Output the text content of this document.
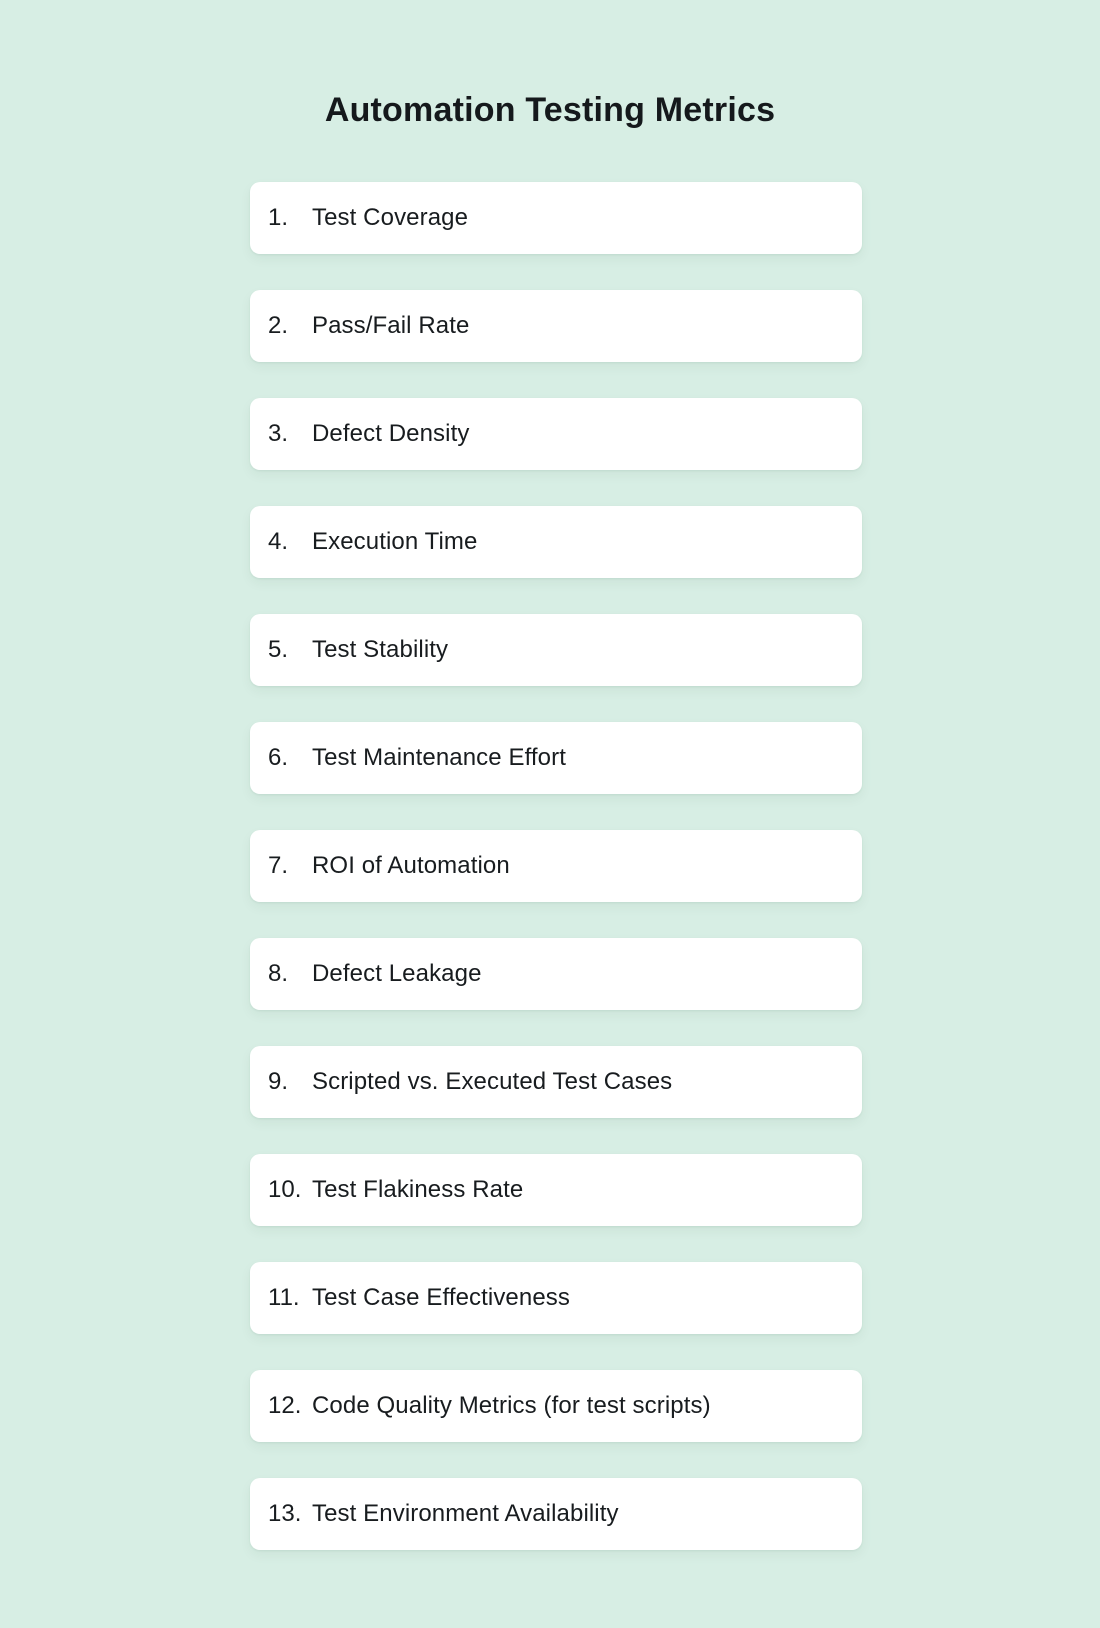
Automation Testing Metrics
1. Test Coverage
2. Pass/Fail Rate
3. Defect Density
4. Execution Time
5. Test Stability
6. Test Maintenance Effort
7. ROI of Automation
8. Defect Leakage
9. Scripted vs. Executed Test Cases
10. Test Flakiness Rate
11. Test Case Effectiveness
12. Code Quality Metrics (for test scripts)
13. Test Environment Availability
